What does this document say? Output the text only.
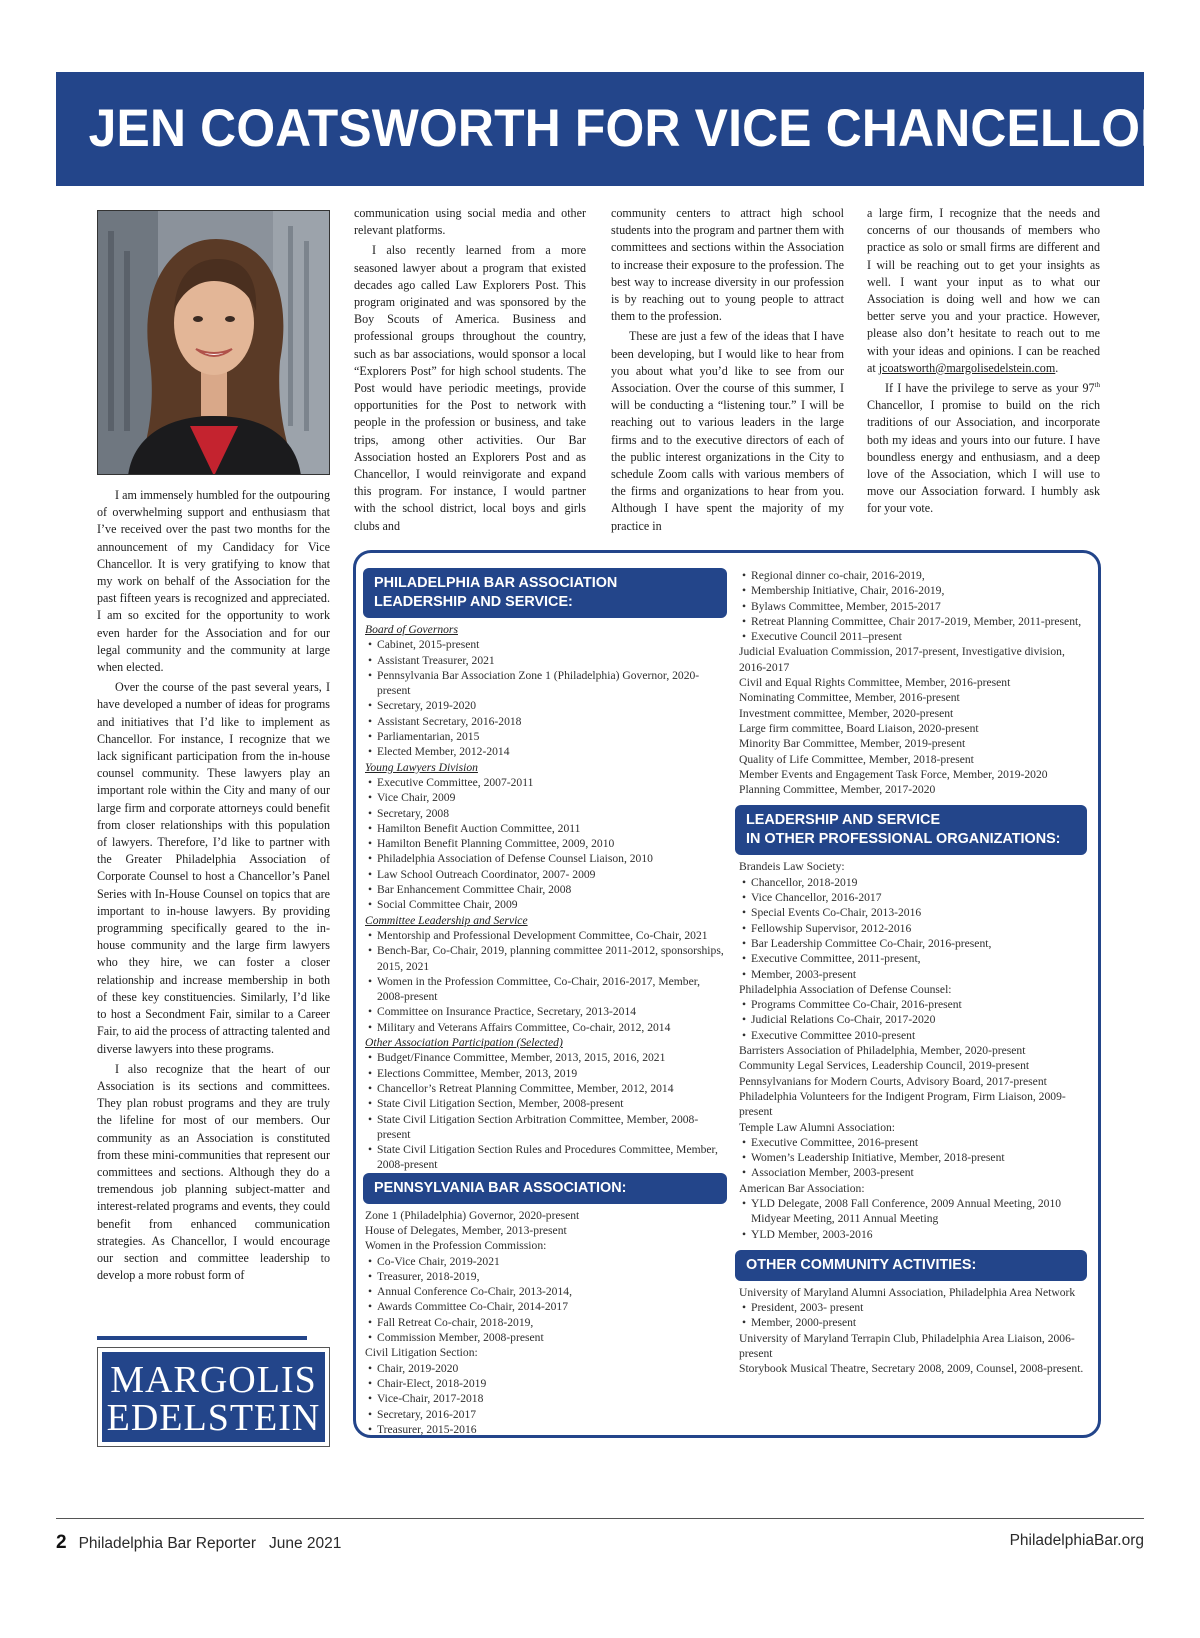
JEN COATSWORTH FOR VICE CHANCELLOR

I am immensely humbled for the outpouring of overwhelming support and enthusiasm that I’ve received over the past two months for the announcement of my Candidacy for Vice Chancellor. It is very gratifying to know that my work on behalf of the Association for the past fifteen years is recognized and appreciated. I am so excited for the opportunity to work even harder for the Association and for our legal community and the community at large when elected.

Over the course of the past several years, I have developed a number of ideas for programs and initiatives that I’d like to implement as Chancellor. For instance, I recognize that we lack significant participation from the in-house counsel community. These lawyers play an important role within the City and many of our large firm and corporate attorneys could benefit from closer relationships with this population of lawyers. Therefore, I’d like to partner with the Greater Philadelphia Association of Corporate Counsel to host a Chancellor’s Panel Series with In-House Counsel on topics that are important to in-house lawyers. By providing programming specifically geared to the in-house community and the large firm lawyers who they hire, we can foster a closer relationship and increase membership in both of these key constituencies. Similarly, I’d like to host a Secondment Fair, similar to a Career Fair, to aid the process of attracting talented and diverse lawyers into these programs.

I also recognize that the heart of our Association is its sections and committees. They plan robust programs and they are truly the lifeline for most of our members. Our community as an Association is constituted from these mini-communities that represent our committees and sections. Although they do a tremendous job planning subject-matter and interest-related programs and events, they could benefit from enhanced communication strategies. As Chancellor, I would encourage our section and committee leadership to develop a more robust form of

communication using social media and other relevant platforms.

I also recently learned from a more seasoned lawyer about a program that existed decades ago called Law Explorers Post. This program originated and was sponsored by the Boy Scouts of America. Business and professional groups throughout the country, such as bar associations, would sponsor a local “Explorers Post” for high school students. The Post would have periodic meetings, provide opportunities for the Post to network with people in the profession or business, and take trips, among other activities. Our Bar Association hosted an Explorers Post and as Chancellor, I would reinvigorate and expand this program. For instance, I would partner with the school district, local boys and girls clubs and

community centers to attract high school students into the program and partner them with committees and sections within the Association to increase their exposure to the profession. The best way to increase diversity in our profession is by reaching out to young people to attract them to the profession.

These are just a few of the ideas that I have been developing, but I would like to hear from you about what you’d like to see from our Association. Over the course of this summer, I will be conducting a “listening tour.” I will be reaching out to various leaders in the large firms and to the executive directors of each of the public interest organizations in the City to schedule Zoom calls with various members of the firms and organizations to hear from you. Although I have spent the majority of my practice in

a large firm, I recognize that the needs and concerns of our thousands of members who practice as solo or small firms are different and I will be reaching out to get your insights as well. I want your input as to what our Association is doing well and how we can better serve you and your practice. However, please also don’t hesitate to reach out to me with your ideas and opinions. I can be reached at jcoatsworth@margolisedelstein.com.

If I have the privilege to serve as your 97th Chancellor, I promise to build on the rich traditions of our Association, and incorporate both my ideas and yours into our future. I have boundless energy and enthusiasm, and a deep love of the Association, which I will use to move our Association forward. I humbly ask for your vote.

MARGOLIS
EDELSTEIN
PHILADELPHIA BAR ASSOCIATION
LEADERSHIP AND SERVICE:
Board of Governors
• Cabinet, 2015-present
• Assistant Treasurer, 2021
• Pennsylvania Bar Association Zone 1 (Philadelphia) Governor, 2020-present
• Secretary, 2019-2020
• Assistant Secretary, 2016-2018
• Parliamentarian, 2015
• Elected Member, 2012-2014
Young Lawyers Division
• Executive Committee, 2007-2011
• Vice Chair, 2009
• Secretary, 2008
• Hamilton Benefit Auction Committee, 2011
• Hamilton Benefit Planning Committee, 2009, 2010
• Philadelphia Association of Defense Counsel Liaison, 2010
• Law School Outreach Coordinator, 2007- 2009
• Bar Enhancement Committee Chair, 2008
• Social Committee Chair, 2009
Committee Leadership and Service
• Mentorship and Professional Development Committee, Co-Chair, 2021
• Bench-Bar, Co-Chair, 2019, planning committee 2011-2012, sponsorships, 2015, 2021
• Women in the Profession Committee, Co-Chair, 2016-2017, Member, 2008-present
• Committee on Insurance Practice, Secretary, 2013-2014
• Military and Veterans Affairs Committee, Co-chair, 2012, 2014
Other Association Participation (Selected)
• Budget/Finance Committee, Member, 2013, 2015, 2016, 2021
• Elections Committee, Member, 2013, 2019
• Chancellor’s Retreat Planning Committee, Member, 2012, 2014
• State Civil Litigation Section, Member, 2008-present
• State Civil Litigation Section Arbitration Committee, Member, 2008-present
• State Civil Litigation Section Rules and Procedures Committee, Member, 2008-present
PENNSYLVANIA BAR ASSOCIATION:
Zone 1 (Philadelphia) Governor, 2020-present
House of Delegates, Member, 2013-present
Women in the Profession Commission:
• Co-Vice Chair, 2019-2021
• Treasurer, 2018-2019,
• Annual Conference Co-Chair, 2013-2014,
• Awards Committee Co-Chair, 2014-2017
• Fall Retreat Co-chair, 2018-2019,
• Commission Member, 2008-present
Civil Litigation Section:
• Chair, 2019-2020
• Chair-Elect, 2018-2019
• Vice-Chair, 2017-2018
• Secretary, 2016-2017
• Treasurer, 2015-2016
• Regional dinner co-chair, 2016-2019,
• Membership Initiative, Chair, 2016-2019,
• Bylaws Committee, Member, 2015-2017
• Retreat Planning Committee, Chair 2017-2019, Member, 2011-present,
• Executive Council 2011–present
Judicial Evaluation Commission, 2017-present, Investigative division, 2016-2017
Civil and Equal Rights Committee, Member, 2016-present
Nominating Committee, Member, 2016-present
Investment committee, Member, 2020-present
Large firm committee, Board Liaison, 2020-present
Minority Bar Committee, Member, 2019-present
Quality of Life Committee, Member, 2018-present
Member Events and Engagement Task Force, Member, 2019-2020
Planning Committee, Member, 2017-2020
LEADERSHIP AND SERVICE
IN OTHER PROFESSIONAL ORGANIZATIONS:
Brandeis Law Society:
• Chancellor, 2018-2019
• Vice Chancellor, 2016-2017
• Special Events Co-Chair, 2013-2016
• Fellowship Supervisor, 2012-2016
• Bar Leadership Committee Co-Chair, 2016-present,
• Executive Committee, 2011-present,
• Member, 2003-present
Philadelphia Association of Defense Counsel:
• Programs Committee Co-Chair, 2016-present
• Judicial Relations Co-Chair, 2017-2020
• Executive Committee 2010-present
Barristers Association of Philadelphia, Member, 2020-present
Community Legal Services, Leadership Council, 2019-present
Pennsylvanians for Modern Courts, Advisory Board, 2017-present
Philadelphia Volunteers for the Indigent Program, Firm Liaison, 2009-present
Temple Law Alumni Association:
• Executive Committee, 2016-present
• Women’s Leadership Initiative, Member, 2018-present
• Association Member, 2003-present
American Bar Association:
• YLD Delegate, 2008 Fall Conference, 2009 Annual Meeting, 2010 Midyear Meeting, 2011 Annual Meeting
• YLD Member, 2003-2016
OTHER COMMUNITY ACTIVITIES:
University of Maryland Alumni Association, Philadelphia Area Network
• President, 2003- present
• Member, 2000-present
University of Maryland Terrapin Club, Philadelphia Area Liaison, 2006-present
Storybook Musical Theatre, Secretary 2008, 2009, Counsel, 2008-present.
2 Philadelphia Bar Reporter June 2021	PhiladelphiaBar.org
